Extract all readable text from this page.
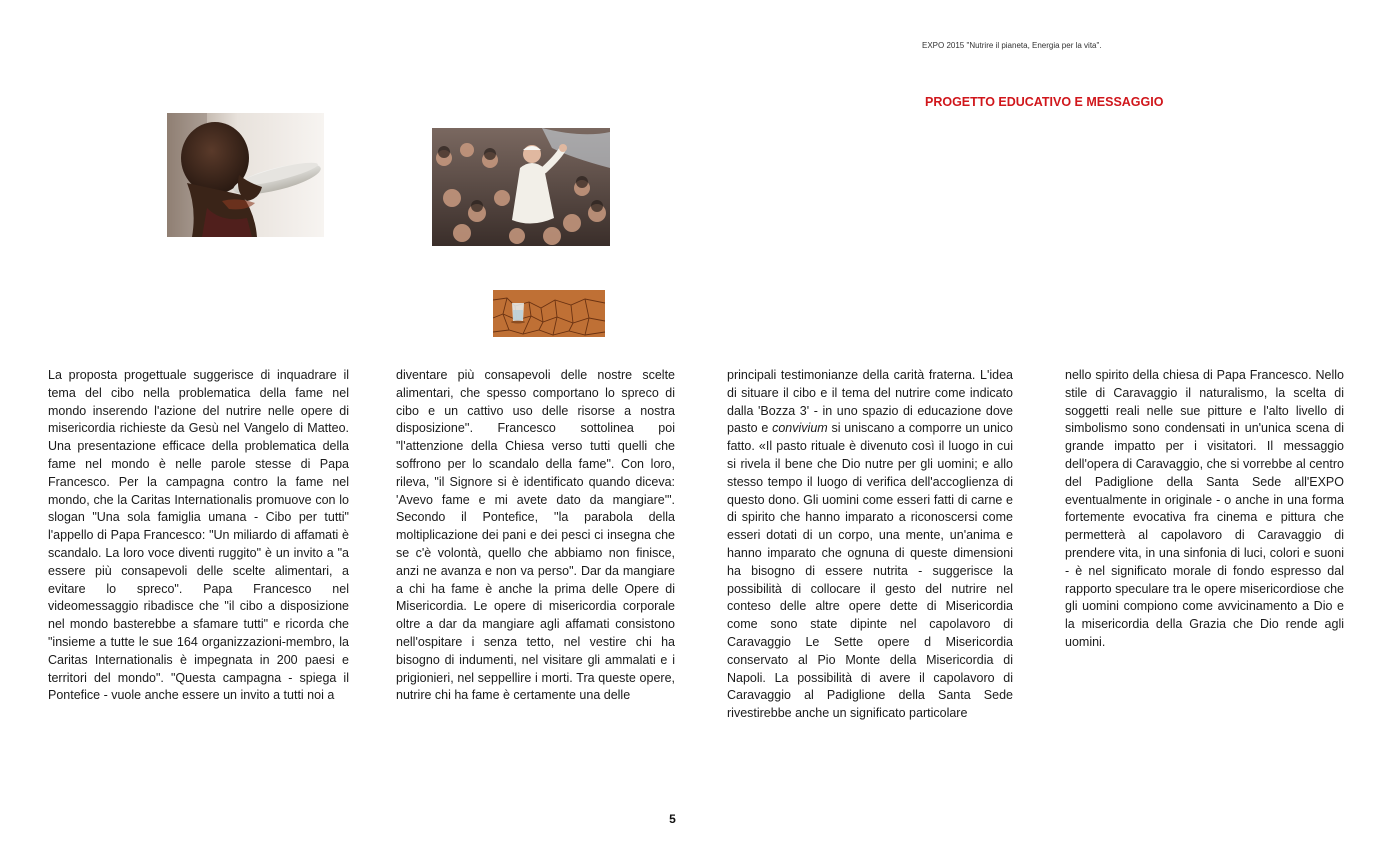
EXPO 2015 "Nutrire il pianeta, Energia per la vita".
PROGETTO EDUCATIVO E MESSAGGIO

La proposta progettuale suggerisce di inquadrare il tema del cibo nella problematica della fame nel mondo inserendo l'azione del nutrire nelle opere di misericordia richieste da Gesù nel Vangelo di Matteo. Una presentazione efficace della problematica della fame nel mondo è nelle parole stesse di Papa Francesco. Per la campagna contro la fame nel mondo, che la Caritas Internationalis promuove con lo slogan "Una sola famiglia umana - Cibo per tutti" l'appello di Papa Francesco: "Un miliardo di affamati è scandalo. La loro voce diventi ruggito" è un invito a "a essere più consapevoli delle scelte alimentari, a evitare lo spreco". Papa Francesco nel videomessaggio ribadisce che "il cibo a disposizione nel mondo basterebbe a sfamare tutti" e ricorda che "insieme a tutte le sue 164 organizzazioni-membro, la Caritas Internationalis è impegnata in 200 paesi e territori del mondo". "Questa campagna - spiega il Pontefice - vuole anche essere un invito a tutti noi a

diventare più consapevoli delle nostre scelte alimentari, che spesso comportano lo spreco di cibo e un cattivo uso delle risorse a nostra disposizione''. Francesco sottolinea poi "l'attenzione della Chiesa verso tutti quelli che soffrono per lo scandalo della fame". Con loro, rileva, "il Signore si è identificato quando diceva: 'Avevo fame e mi avete dato da mangiare'". Secondo il Pontefice, ''la parabola della moltiplicazione dei pani e dei pesci ci insegna che se c'è volontà, quello che abbiamo non finisce, anzi ne avanza e non va perso". Dar da mangiare a chi ha fame è anche la prima delle Opere di Misericordia. Le opere di misericordia corporale oltre a dar da mangiare agli affamati consistono nell'ospitare i senza tetto, nel vestire chi ha bisogno di indumenti, nel visitare gli ammalati e i prigionieri, nel seppellire i morti. Tra queste opere, nutrire chi ha fame è certamente una delle

principali testimonianze della carità fraterna. L'idea di situare il cibo e il tema del nutrire come indicato dalla 'Bozza 3' - in uno spazio di educazione dove pasto e convivium si uniscano a comporre un unico fatto. «Il pasto rituale è divenuto così il luogo in cui si rivela il bene che Dio nutre per gli uomini; e allo stesso tempo il luogo di verifica dell'accoglienza di questo dono. Gli uomini come esseri fatti di carne e di spirito che hanno imparato a riconoscersi come esseri dotati di un corpo, una mente, un'anima e hanno imparato che ognuna di queste dimensioni ha bisogno di essere nutrita - suggerisce la possibilità di collocare il gesto del nutrire nel conteso delle altre opere dette di Misericordia come sono state dipinte nel capolavoro di Caravaggio Le Sette opere d Misericordia conservato al Pio Monte della Misericordia di Napoli. La possibilità di avere il capolavoro di Caravaggio al Padiglione della Santa Sede rivestirebbe anche un significato particolare

nello spirito della chiesa di Papa Francesco. Nello stile di Caravaggio il naturalismo, la scelta di soggetti reali nelle sue pitture e l'alto livello di simbolismo sono condensati in un'unica scena di grande impatto per i visitatori. Il messaggio dell'opera di Caravaggio, che si vorrebbe al centro del Padiglione della Santa Sede all'EXPO eventualmente in originale - o anche in una forma fortemente evocativa fra cinema e pittura che permetterà al capolavoro di Caravaggio di prendere vita, in una sinfonia di luci, colori e suoni - è nel significato morale di fondo espresso dal rapporto speculare tra le opere misericordiose che gli uomini compiono come avvicinamento a Dio e la misericordia della Grazia che Dio rende agli uomini.

5
